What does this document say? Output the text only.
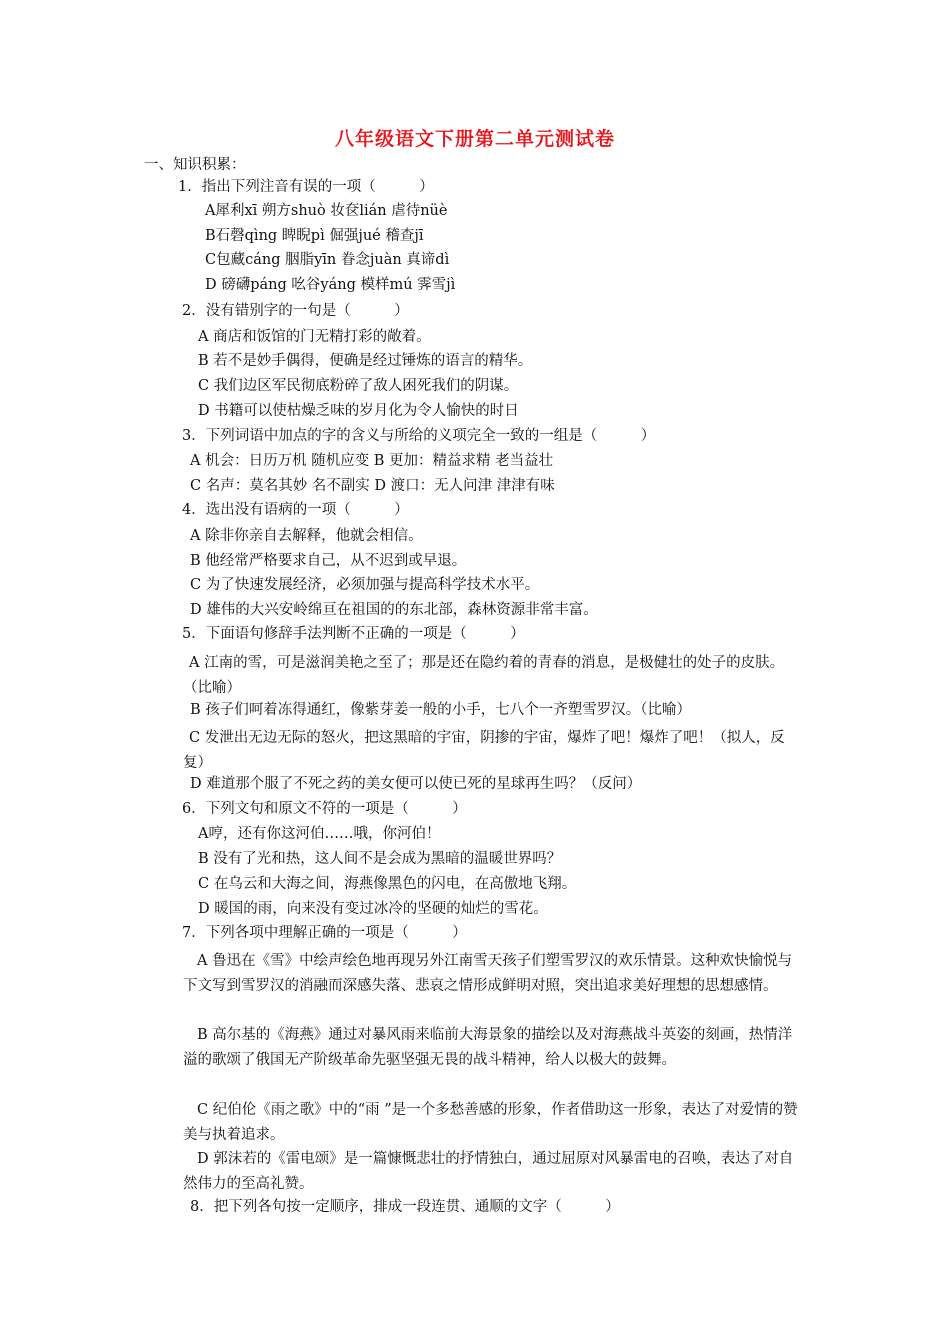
八年级语文下册第二单元测试卷
一、知识积累：
1．指出下列注音有误的一项（　　　）
A犀利xī 朔方shuò 妆奁lián 虐待nüè
B石磬qìng 睥睨pì 倔强jué 稽查jī
C包藏cáng 胭脂yīn 眷念juàn 真谛dì
D 磅礴páng 吆谷yáng 模样mú 霁雪jì
2．没有错别字的一句是（　　　）
A 商店和饭馆的门无精打彩的敞着。
B 若不是妙手偶得，便确是经过锤炼的语言的精华。
C 我们边区军民彻底粉碎了敌人困死我们的阴谋。
D 书籍可以使枯燥乏味的岁月化为令人愉快的时日
3．下列词语中加点的字的含义与所给的义项完全一致的一组是（　　　）
A 机会：日历万机 随机应变 B 更加：精益求精 老当益壮
C 名声：莫名其妙 名不副实 D 渡口：无人问津 津津有味
4．选出没有语病的一项（　　　）
A 除非你亲自去解释，他就会相信。
B 他经常严格要求自己，从不迟到或早退。
C 为了快速发展经济，必须加强与提高科学技术水平。
D 雄伟的大兴安岭绵亘在祖国的的东北部，森林资源非常丰富。
5．下面语句修辞手法判断不正确的一项是（　　　）
A 江南的雪，可是滋润美艳之至了；那是还在隐约着的青春的消息，是极健壮的处子的皮肤。（比喻）
B 孩子们呵着冻得通红，像紫芽姜一般的小手，七八个一齐塑雪罗汉。（比喻）
C 发泄出无边无际的怒火，把这黑暗的宇宙，阴掺的宇宙，爆炸了吧！爆炸了吧！（拟人，反复）
D 难道那个服了不死之药的美女便可以使已死的星球再生吗？（反问）
6．下列文句和原文不符的一项是（　　　）
A哼，还有你这河伯……哦，你河伯！
B 没有了光和热，这人间不是会成为黑暗的温暖世界吗？
C 在乌云和大海之间，海燕像黑色的闪电，在高傲地飞翔。
D 暖国的雨，向来没有变过冰冷的坚硬的灿烂的雪花。
7．下列各项中理解正确的一项是（　　　）
A 鲁迅在《雪》中绘声绘色地再现另外江南雪天孩子们塑雪罗汉的欢乐情景。这种欢快愉悦与下文写到雪罗汉的消融而深感失落、悲哀之情形成鲜明对照，突出追求美好理想的思想感情。
B 高尔基的《海燕》通过对暴风雨来临前大海景象的描绘以及对海燕战斗英姿的刻画，热情洋溢的歌颂了俄国无产阶级革命先驱坚强无畏的战斗精神，给人以极大的鼓舞。
C 纪伯伦《雨之歌》中的“雨 ”是一个多愁善感的形象，作者借助这一形象，表达了对爱情的赞美与执着追求。
D 郭沫若的《雷电颂》是一篇慷慨悲壮的抒情独白，通过屈原对风暴雷电的召唤，表达了对自然伟力的至高礼赞。
8．把下列各句按一定顺序，排成一段连贯、通顺的文字（　　　）
